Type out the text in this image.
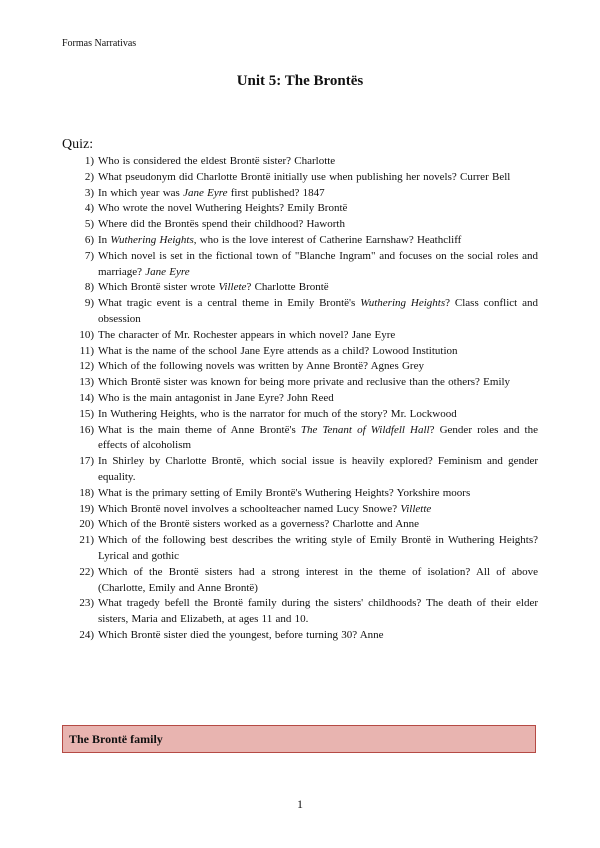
Formas Narrativas
Unit 5: The Brontës
Quiz:
1) Who is considered the eldest Brontë sister? Charlotte
2) What pseudonym did Charlotte Brontë initially use when publishing her novels? Currer Bell
3) In which year was Jane Eyre first published? 1847
4) Who wrote the novel Wuthering Heights? Emily Brontë
5) Where did the Brontës spend their childhood? Haworth
6) In Wuthering Heights, who is the love interest of Catherine Earnshaw? Heathcliff
7) Which novel is set in the fictional town of "Blanche Ingram" and focuses on the social roles and marriage? Jane Eyre
8) Which Brontë sister wrote Villete? Charlotte Brontë
9) What tragic event is a central theme in Emily Brontë's Wuthering Heights? Class conflict and obsession
10) The character of Mr. Rochester appears in which novel? Jane Eyre
11) What is the name of the school Jane Eyre attends as a child? Lowood Institution
12) Which of the following novels was written by Anne Brontë? Agnes Grey
13) Which Brontë sister was known for being more private and reclusive than the others? Emily
14) Who is the main antagonist in Jane Eyre? John Reed
15) In Wuthering Heights, who is the narrator for much of the story? Mr. Lockwood
16) What is the main theme of Anne Brontë's The Tenant of Wildfell Hall? Gender roles and the effects of alcoholism
17) In Shirley by Charlotte Brontë, which social issue is heavily explored? Feminism and gender equality.
18) What is the primary setting of Emily Brontë's Wuthering Heights? Yorkshire moors
19) Which Brontë novel involves a schoolteacher named Lucy Snowe? Villette
20) Which of the Brontë sisters worked as a governess? Charlotte and Anne
21) Which of the following best describes the writing style of Emily Brontë in Wuthering Heights? Lyrical and gothic
22) Which of the Brontë sisters had a strong interest in the theme of isolation? All of above (Charlotte, Emily and Anne Brontë)
23) What tragedy befell the Brontë family during the sisters' childhoods? The death of their elder sisters, Maria and Elizabeth, at ages 11 and 10.
24) Which Brontë sister died the youngest, before turning 30? Anne
The Brontë family
1
